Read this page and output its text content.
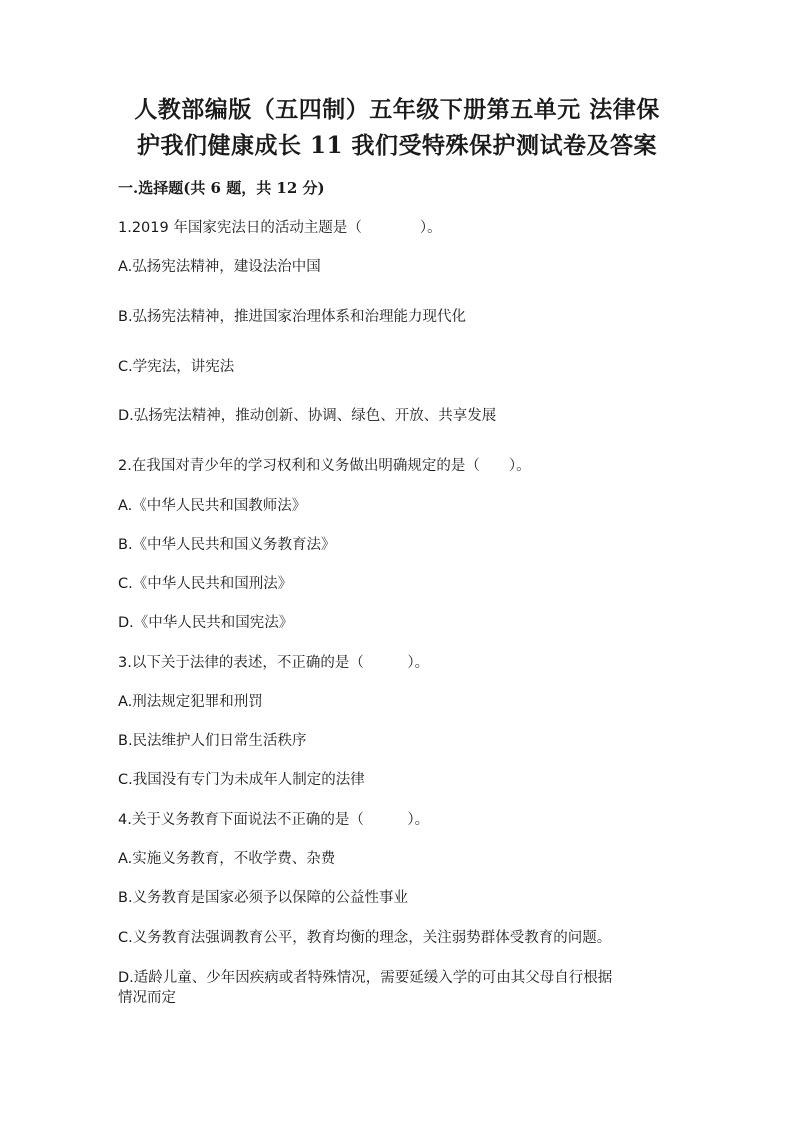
人教部编版（五四制）五年级下册第五单元 法律保
护我们健康成长 11 我们受特殊保护测试卷及答案
一.选择题(共 6 题，共 12 分)
1.2019 年国家宪法日的活动主题是（　　　　）。
A.弘扬宪法精神，建设法治中国
B.弘扬宪法精神，推进国家治理体系和治理能力现代化
C.学宪法，讲宪法
D.弘扬宪法精神，推动创新、协调、绿色、开放、共享发展
2.在我国对青少年的学习权利和义务做出明确规定的是（　　）。
A.《中华人民共和国教师法》
B.《中华人民共和国义务教育法》
C.《中华人民共和国刑法》
D.《中华人民共和国宪法》
3.以下关于法律的表述，不正确的是（　　　）。
A.刑法规定犯罪和刑罚
B.民法维护人们日常生活秩序
C.我国没有专门为未成年人制定的法律
4.关于义务教育下面说法不正确的是（　　　）。
A.实施义务教育，不收学费、杂费
B.义务教育是国家必须予以保障的公益性事业
C.义务教育法强调教育公平，教育均衡的理念，关注弱势群体受教育的问题。
D.适龄儿童、少年因疾病或者特殊情况，需要延缓入学的可由其父母自行根据
情况而定
